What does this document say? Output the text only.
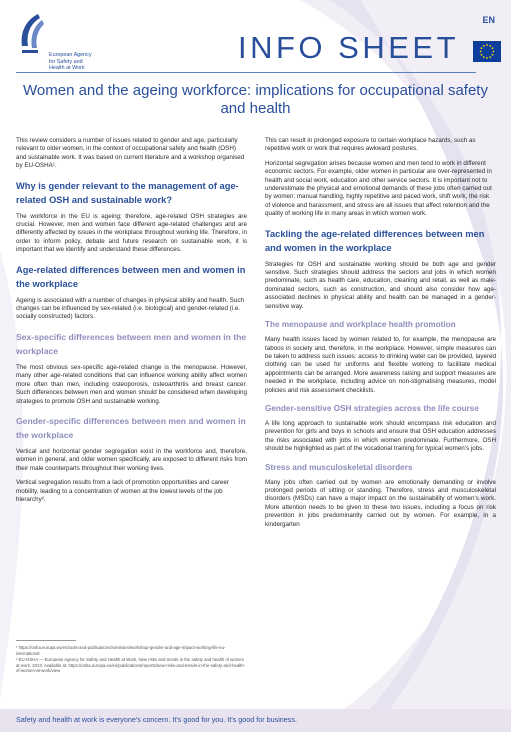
European Agency for Safety and Health at Work
EN
INFO SHEET
Women and the ageing workforce: implications for occupational safety and health

This review considers a number of issues related to gender and age, particularly relevant to older women, in the context of occupational safety and health (OSH) and sustainable work. It was based on current literature and a workshop organised by EU-OSHA¹.

Why is gender relevant to the management of age-related OSH and sustainable work?

The workforce in the EU is ageing; therefore, age-related OSH strategies are crucial. However, men and women face different age-related challenges and are differently affected by issues in the workplace throughout working life. Therefore, in order to inform policy, debate and future research on sustainable work, it is important that we identify and understand these differences.

Age-related differences between men and women in the workplace

Ageing is associated with a number of changes in physical ability and health. Such changes can be influenced by sex-related (i.e. biological) and gender-related (i.e. socially constructed) factors.

Sex-specific differences between men and women in the workplace

The most obvious sex-specific age-related change is the menopause. However, many other age-related conditions that can influence working ability affect women more often than men, including osteoporosis, osteoarthritis and breast cancer. Such differences between men and women should be considered when developing strategies to promote OSH and sustainable working.

Gender-specific differences between men and women in the workplace

Vertical and horizontal gender segregation exist in the workforce and, therefore, women in general, and older women specifically, are exposed to different risks from their male counterparts throughout their working lives.

Vertical segregation results from a lack of promotion opportunities and career mobility, leading to a concentration of women at the lowest levels of the job hierarchy².

¹ https://osha.europa.eu/en/tools-and-publications/seminars/workshop-gender-and-age-impact-working-life-eu-international
² EU-OSHA — European Agency for Safety and Health at Work, New risks and trends in the safety and health of women at work, 2013. Available at: https://osha.europa.eu/en/publications/reports/new-risks-and-trends-in-the-safety-and-health-of-women-at-work/view

This can result in prolonged exposure to certain workplace hazards, such as repetitive work or work that requires awkward postures.

Horizontal segregation arises because women and men tend to work in different economic sectors. For example, older women in particular are over-represented in health and social work, education and other service sectors. It is important not to underestimate the physical and emotional demands of these jobs often carried out by women: manual handling, highly repetitive and paced work, shift work, the risk of violence and harassment, and stress are all issues that affect retention and the quality of working life in many areas in which women work.

Tackling the age-related differences between men and women in the workplace

Strategies for OSH and sustainable working should be both age and gender sensitive. Such strategies should address the sectors and jobs in which women predominate, such as health care, education, cleaning and retail, as well as male-dominated sectors, such as construction, and should also consider how age-associated declines in physical ability and health can be managed in a gender-sensitive way.

The menopause and workplace health promotion

Many health issues faced by women related to, for example, the menopause are taboos in society and, therefore, in the workplace. However, simple measures can be taken to address such issues: access to drinking water can be provided, layered clothing can be used for uniforms and flexible working to facilitate medical appointments can be arranged. More awareness raising and support measures are needed in the workplace, including advice on non-stigmatising measures, model policies and risk assessment checklists.

Gender-sensitive OSH strategies across the life course

A life long approach to sustainable work should encompass risk education and prevention for girls and boys in schools and ensure that OSH education addresses the risks associated with jobs in which women predominate. Furthermore, OSH should be highlighted as part of the vocational training for typical women's jobs.

Stress and musculoskeletal disorders

Many jobs often carried out by women are emotionally demanding or involve prolonged periods of sitting or standing. Therefore, stress and musculoskeletal disorders (MSDs) can have a major impact on the sustainability of women's work. More attention needs to be given to these two issues, including a focus on risk prevention in jobs predominantly carried out by women. For example, in a kindergarten

Safety and health at work is everyone's concern. It's good for you. It's good for business.
